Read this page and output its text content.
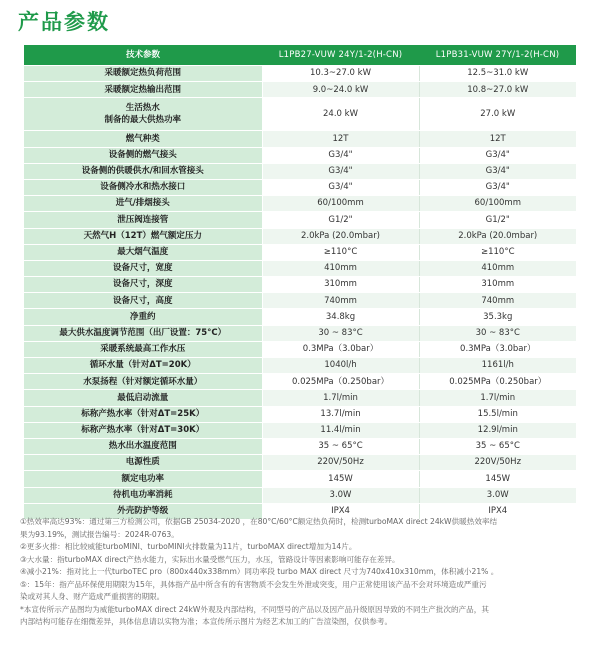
产品参数
技术参数	L1PB27-VUW 24Y/1-2(H-CN)	L1PB31-VUW 27Y/1-2(H-CN)
采暖额定热负荷范围	10.3~27.0 kW	12.5~31.0 kW
采暖额定热输出范围	9.0~24.0 kW	10.8~27.0 kW

生活热水
制备的最大供热功率	24.0 kW	27.0 kW
燃气种类	12T	12T
设备侧的燃气接头	G3/4"	G3/4"
设备侧的供暖供水/和回水管接头	G3/4"	G3/4"
设备侧冷水和热水接口	G3/4"	G3/4"
进气/排烟接头	60/100mm	60/100mm
泄压阀连接管	G1/2"	G1/2"
天然气H（12T）燃气额定压力	2.0kPa (20.0mbar)	2.0kPa (20.0mbar)
最大烟气温度	≥110°C	≥110°C
设备尺寸，宽度	410mm	410mm
设备尺寸，深度	310mm	310mm
设备尺寸，高度	740mm	740mm
净重约	34.8kg	35.3kg
最大供水温度调节范围（出厂设置：75°C）	30 ~ 83°C	30 ~ 83°C
采暖系统最高工作水压	0.3MPa（3.0bar）	0.3MPa（3.0bar）
循环水量（针对ΔT=20K）	1040l/h	1161l/h
水泵扬程（针对额定循环水量）	0.025MPa（0.250bar）	0.025MPa（0.250bar）
最低启动流量	1.7l/min	1.7l/min
标称产热水率（针对ΔT=25K）	13.7l/min	15.5l/min
标称产热水率（针对ΔT=30K）	11.4l/min	12.9l/min
热水出水温度范围	35 ~ 65°C	35 ~ 65°C
电源性质	220V/50Hz	220V/50Hz
额定电功率	145W	145W
待机电功率消耗	3.0W	3.0W
外壳防护等级	IPX4	IPX4

①热效率高达93%：通过第三方检测公司，依据GB 25034-2020 ，在80°C/60°C额定热负荷时，检测turboMAX direct 24kW供暖热效率结

果为93.19%，测试报告编号：2024R-0763。

②更多火排：相比较威能turboMINI、turboMINI火排数量为11片，turboMAX direct增加为14片。

③大水量：指turboMAX direct产热水能力，实际出水量受燃气压力，水压，管路设计等因素影响可能存在差异。

④减小21%：指对比上一代turboTEC pro（800x440x338mm）同功率段 turbo MAX direct 尺寸为740x410x310mm，体积减小21% 。

⑤：15年：指产品环保使用期限为15年，具体指产品中所含有的有害物质不会发生外泄或突变，用户正常使用该产品不会对环境造成严重污

染或对其人身、财产造成严重损害的期限。

*本宣传所示产品图均为威能turboMAX direct 24kW外观及内部结构，不同型号的产品以及因产品升级原因导致的不同生产批次的产品，其

内部结构可能存在细微差异，具体信息请以实物为准；本宣传所示图片为经艺术加工的广告渲染图，仅供参考。
